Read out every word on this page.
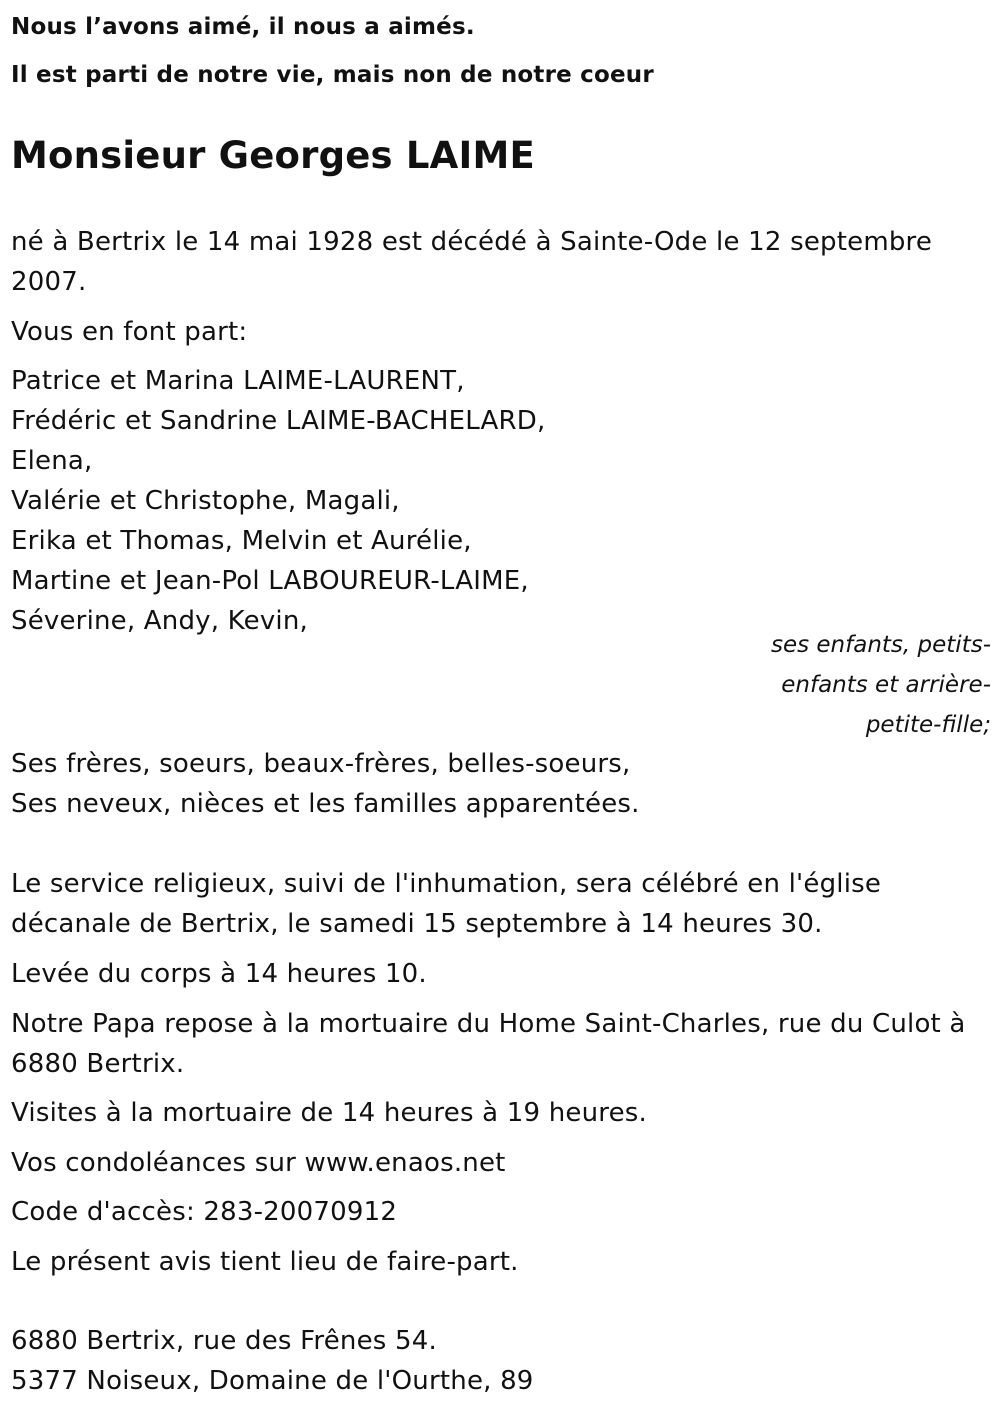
Nous l’avons aimé, il nous a aimés.
Il est parti de notre vie, mais non de notre coeur
Monsieur Georges LAIME
né à Bertrix le 14 mai 1928 est décédé à Sainte-Ode le 12 septembre
2007.
Vous en font part:
Patrice et Marina LAIME-LAURENT,
Frédéric et Sandrine LAIME-BACHELARD,
Elena,
Valérie et Christophe, Magali,
Erika et Thomas, Melvin et Aurélie,
Martine et Jean-Pol LABOUREUR-LAIME,
Séverine, Andy, Kevin,
ses enfants, petits-
enfants et arrière-
petite-fille;
Ses frères, soeurs, beaux-frères, belles-soeurs,
Ses neveux, nièces et les familles apparentées.
Le service religieux, suivi de l'inhumation, sera célébré en l'église
décanale de Bertrix, le samedi 15 septembre à 14 heures 30.
Levée du corps à 14 heures 10.
Notre Papa repose à la mortuaire du Home Saint-Charles, rue du Culot à
6880 Bertrix.
Visites à la mortuaire de 14 heures à 19 heures.
Vos condoléances sur www.enaos.net
Code d'accès: 283-20070912
Le présent avis tient lieu de faire-part.
6880 Bertrix, rue des Frênes 54.
5377 Noiseux, Domaine de l'Ourthe, 89
